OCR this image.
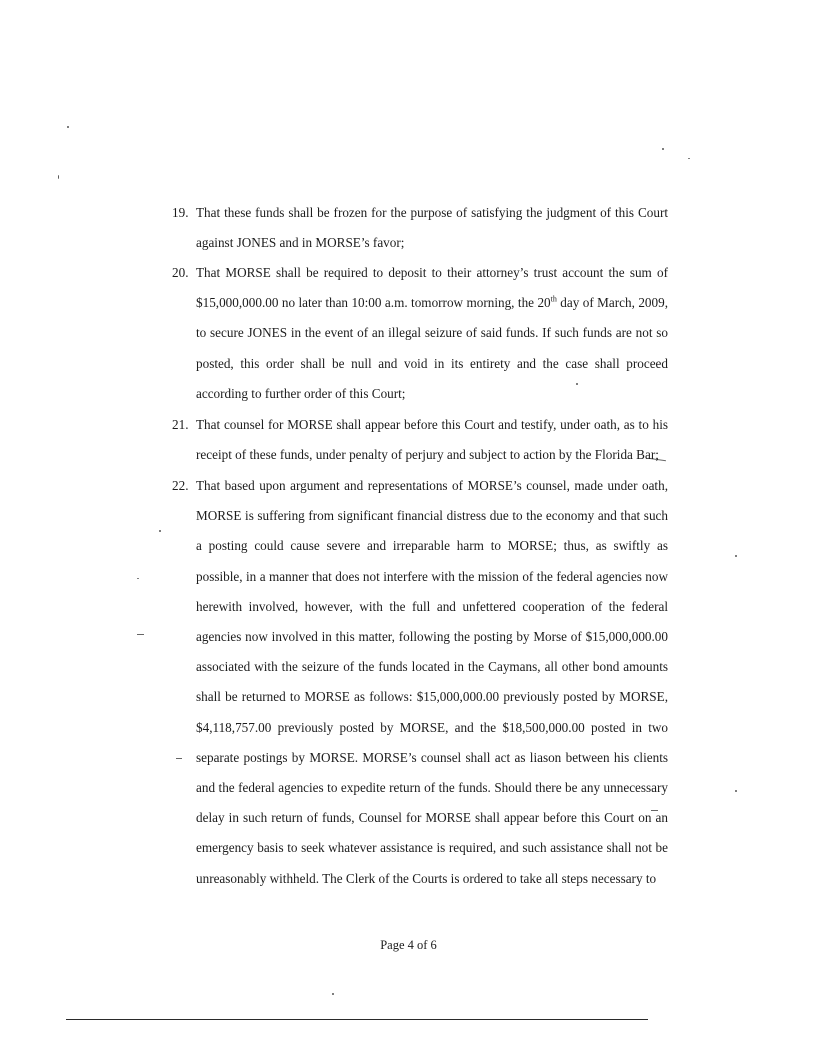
19. That these funds shall be frozen for the purpose of satisfying the judgment of this Court against JONES and in MORSE’s favor;
20. That MORSE shall be required to deposit to their attorney’s trust account the sum of $15,000,000.00 no later than 10:00 a.m. tomorrow morning, the 20th day of March, 2009, to secure JONES in the event of an illegal seizure of said funds. If such funds are not so posted, this order shall be null and void in its entirety and the case shall proceed according to further order of this Court;
21. That counsel for MORSE shall appear before this Court and testify, under oath, as to his receipt of these funds, under penalty of perjury and subject to action by the Florida Bar;
22. That based upon argument and representations of MORSE’s counsel, made under oath, MORSE is suffering from significant financial distress due to the economy and that such a posting could cause severe and irreparable harm to MORSE; thus, as swiftly as possible, in a manner that does not interfere with the mission of the federal agencies now herewith involved, however, with the full and unfettered cooperation of the federal agencies now involved in this matter, following the posting by Morse of $15,000,000.00 associated with the seizure of the funds located in the Caymans, all other bond amounts shall be returned to MORSE as follows: $15,000,000.00 previously posted by MORSE, $4,118,757.00 previously posted by MORSE, and the $18,500,000.00 posted in two separate postings by MORSE. MORSE’s counsel shall act as liason between his clients and the federal agencies to expedite return of the funds. Should there be any unnecessary delay in such return of funds, Counsel for MORSE shall appear before this Court on an emergency basis to seek whatever assistance is required, and such assistance shall not be unreasonably withheld. The Clerk of the Courts is ordered to take all steps necessary to
Page 4 of 6
